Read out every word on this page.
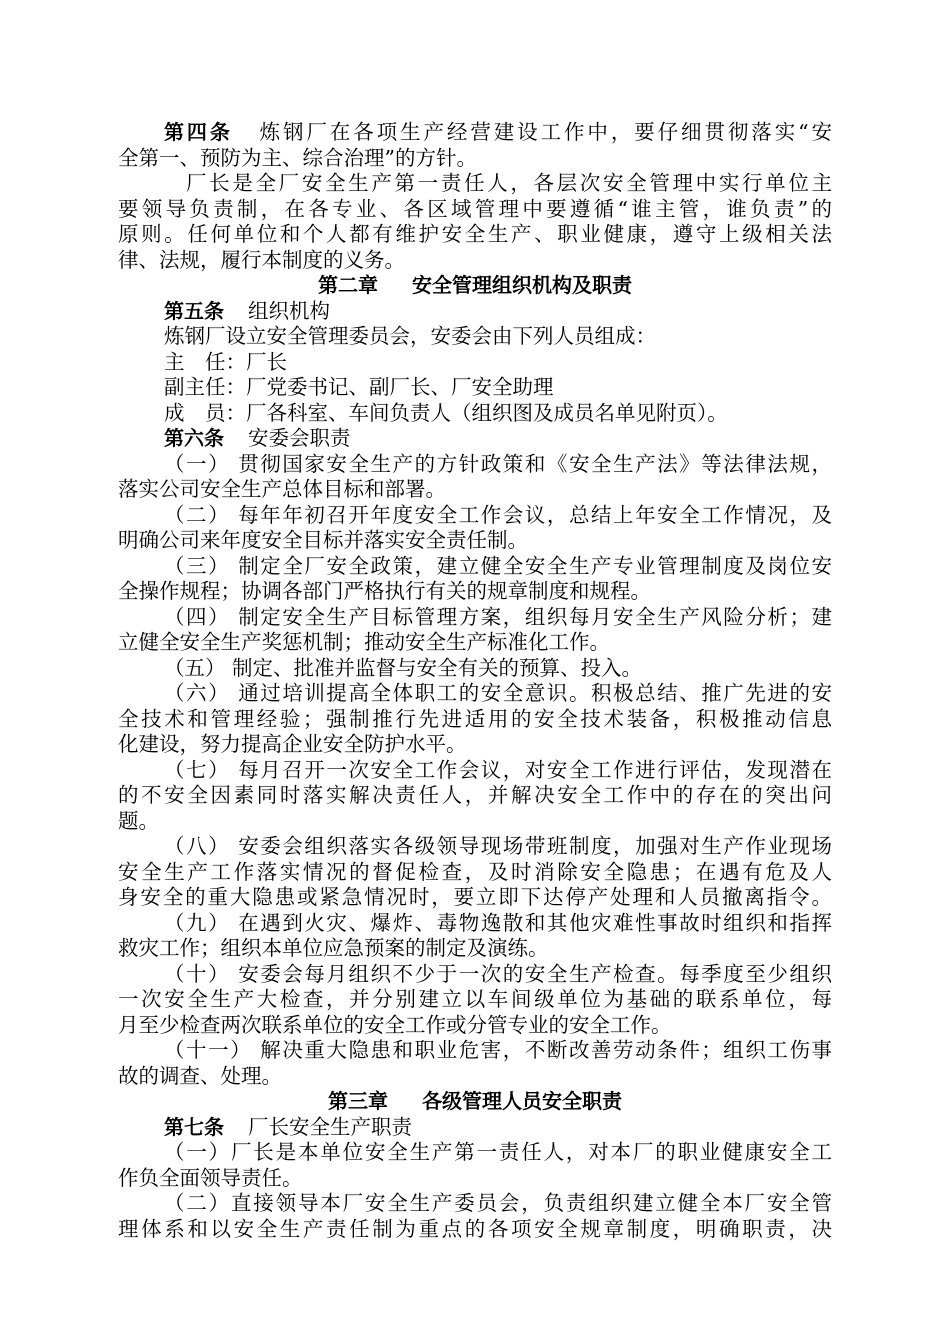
第四条 炼钢厂在各项生产经营建设工作中，要仔细贯彻落实“安
全第一、预防为主、综合治理”的方针。
厂长是全厂安全生产第一责任人，各层次安全管理中实行单位主
要领导负责制，在各专业、各区域管理中要遵循“谁主管，谁负责”的
原则。任何单位和个人都有维护安全生产、职业健康，遵守上级相关法
律、法规，履行本制度的义务。
第二章 安全管理组织机构及职责
第五条 组织机构
炼钢厂设立安全管理委员会，安委会由下列人员组成：
主　任：厂长
副主任：厂党委书记、副厂长、厂安全助理
成　员：厂各科室、车间负责人（组织图及成员名单见附页）。
第六条 安委会职责
（一） 贯彻国家安全生产的方针政策和《安全生产法》等法律法规，
落实公司安全生产总体目标和部署。
（二） 每年年初召开年度安全工作会议，总结上年安全工作情况，及
明确公司来年度安全目标并落实安全责任制。
（三） 制定全厂安全政策，建立健全安全生产专业管理制度及岗位安
全操作规程；协调各部门严格执行有关的规章制度和规程。
（四） 制定安全生产目标管理方案，组织每月安全生产风险分析；建
立健全安全生产奖惩机制；推动安全生产标准化工作。
（五） 制定、批准并监督与安全有关的预算、投入。
（六） 通过培训提高全体职工的安全意识。积极总结、推广先进的安
全技术和管理经验；强制推行先进适用的安全技术装备，积极推动信息
化建设，努力提高企业安全防护水平。
（七） 每月召开一次安全工作会议，对安全工作进行评估，发现潜在
的不安全因素同时落实解决责任人，并解决安全工作中的存在的突出问
题。
（八） 安委会组织落实各级领导现场带班制度，加强对生产作业现场
安全生产工作落实情况的督促检查，及时消除安全隐患；在遇有危及人
身安全的重大隐患或紧急情况时，要立即下达停产处理和人员撤离指令。
（九） 在遇到火灾、爆炸、毒物逸散和其他灾难性事故时组织和指挥
救灾工作；组织本单位应急预案的制定及演练。
（十） 安委会每月组织不少于一次的安全生产检查。每季度至少组织
一次安全生产大检查，并分别建立以车间级单位为基础的联系单位，每
月至少检查两次联系单位的安全工作或分管专业的安全工作。
（十一） 解决重大隐患和职业危害，不断改善劳动条件；组织工伤事
故的调查、处理。
第三章 各级管理人员安全职责
第七条 厂长安全生产职责
（一）厂长是本单位安全生产第一责任人，对本厂的职业健康安全工
作负全面领导责任。
（二）直接领导本厂安全生产委员会，负责组织建立健全本厂安全管
理体系和以安全生产责任制为重点的各项安全规章制度，明确职责，决
